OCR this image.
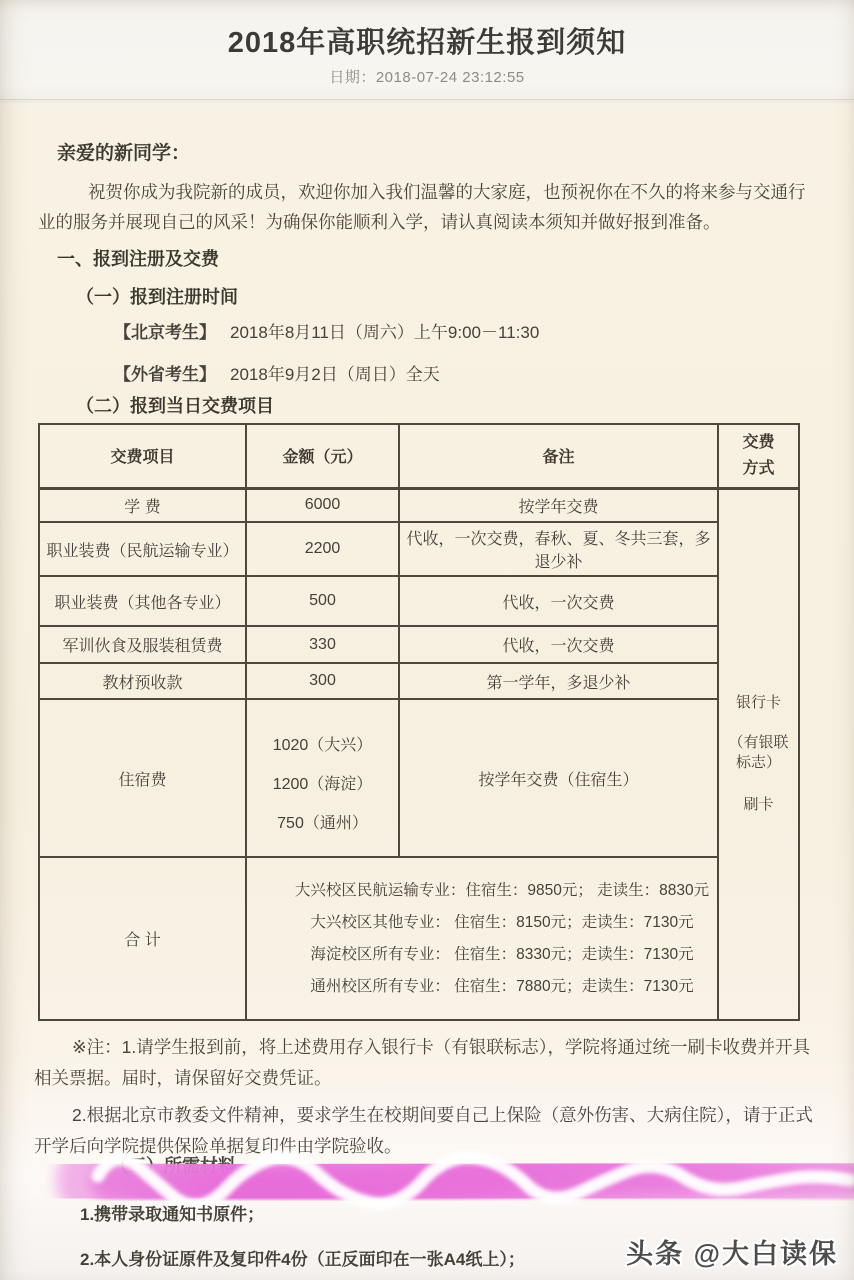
2018年高职统招新生报到须知
日期：2018-07-24 23:12:55
亲爱的新同学：
祝贺你成为我院新的成员，欢迎你加入我们温馨的大家庭，也预祝你在不久的将来参与交通行业的服务并展现自己的风采！为确保你能顺利入学，请认真阅读本须知并做好报到准备。
一、报到注册及交费
（一）报到注册时间
【北京考生】 2018年8月11日（周六）上午9:00－11:30
【外省考生】 2018年9月2日（周日）全天
（二）报到当日交费项目
交费项目	金额（元）	备注	交费
方式

学 费	6000	按学年交费	银行卡
（有银联标志）
刷卡

职业装费（民航运输专业）	2200	代收，一次交费，春秋、夏、冬共三套，多退少补	
职业装费（其他各专业）	500	代收，一次交费	
军训伙食及服装租赁费	330	代收，一次交费	
教材预收款	300	第一学年，多退少补	
住宿费	1020（大兴）
1200（海淀）
750（通州）	按学年交费（住宿生）	
合 计	大兴校区民航运输专业：住宿生：9850元； 走读生：8830元
大兴校区其他专业： 住宿生：8150元；走读生：7130元
海淀校区所有专业： 住宿生：8330元；走读生：7130元
通州校区所有专业： 住宿生：7880元；走读生：7130元		
※注：1.请学生报到前，将上述费用存入银行卡（有银联标志），学院将通过统一刷卡收费并开具相关票据。届时，请保留好交费凭证。
2.根据北京市教委文件精神，要求学生在校期间要自己上保险（意外伤害、大病住院），请于正式开学后向学院提供保险单据复印件由学院验收。
（三）所需材料
1.携带录取通知书原件；
2.本人身份证原件及复印件4份（正反面印在一张A4纸上）；	头条 @大白读保
